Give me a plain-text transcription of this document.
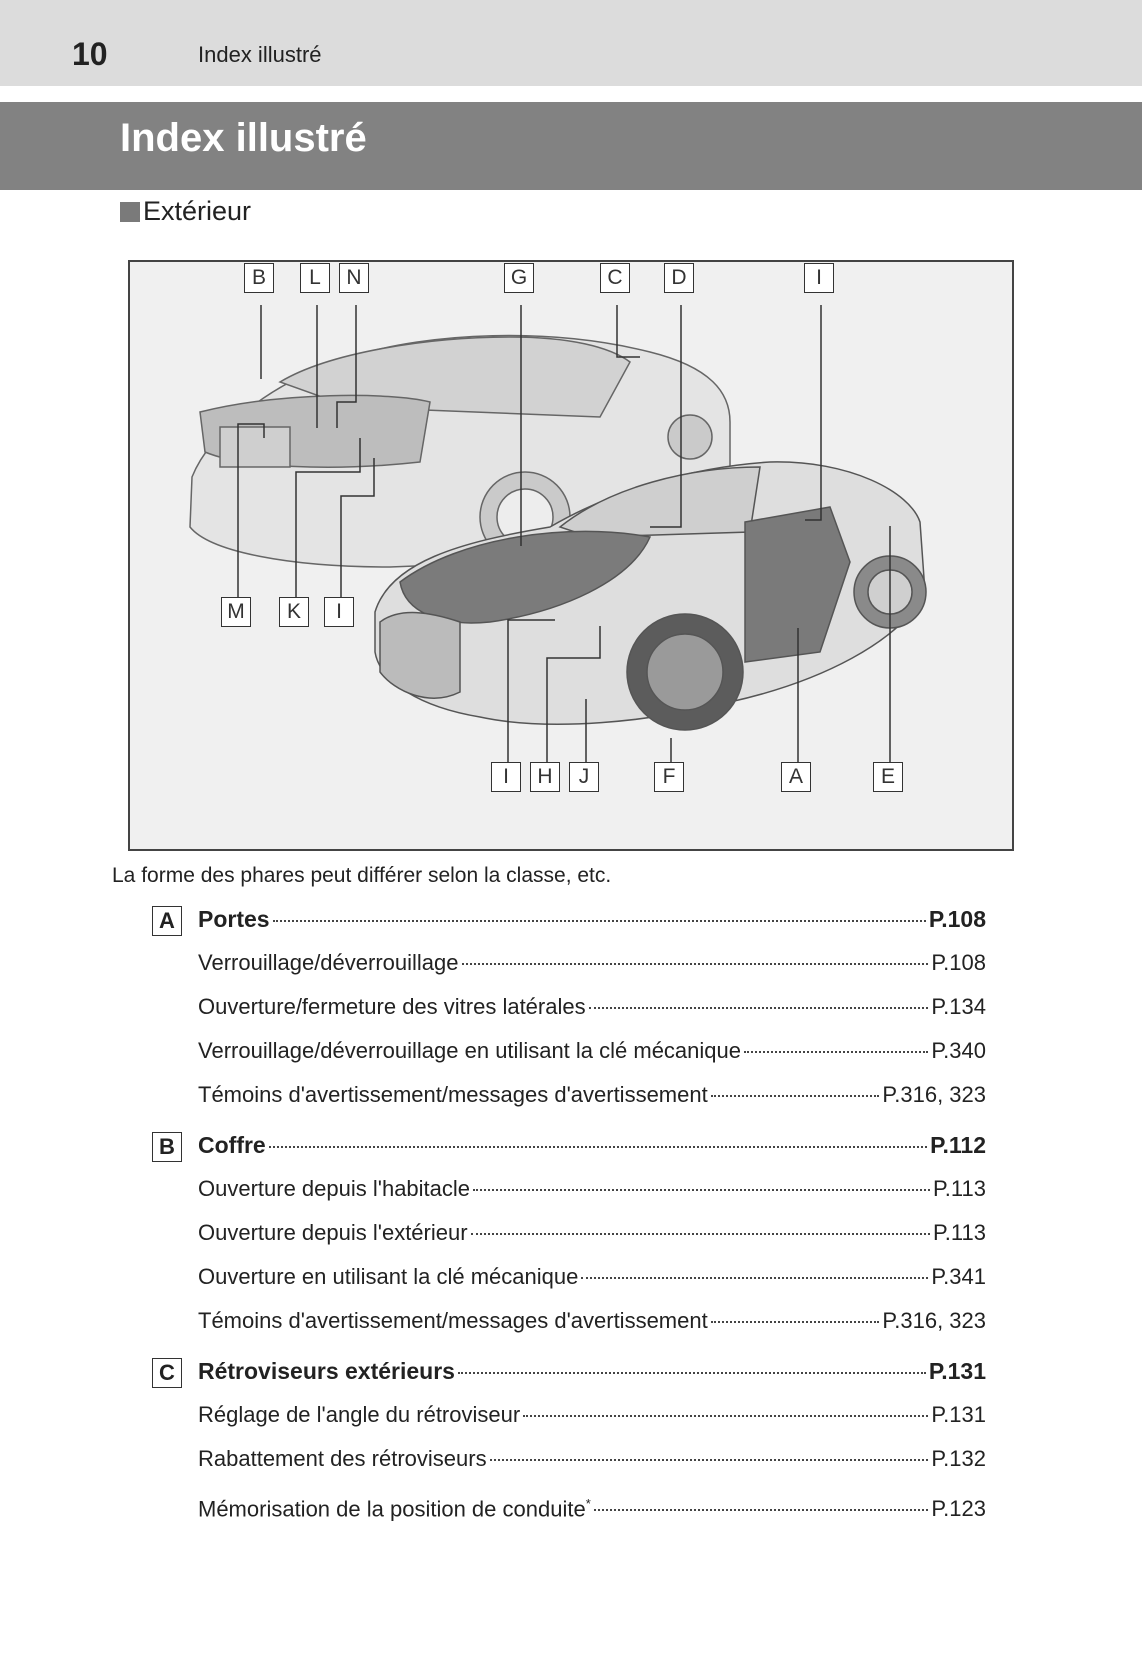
10	Index illustré
Index illustré
Extérieur
B	L	N	G	C	D	I
M	K	I
I	H	J	F	A	E
La forme des phares peut différer selon la classe, etc.
A	Portes	P.108
Verrouillage/déverrouillage	P.108
Ouverture/fermeture des vitres latérales	P.134
Verrouillage/déverrouillage en utilisant la clé mécanique	P.340
Témoins d'avertissement/messages d'avertissement	P.316, 323
B	Coffre	P.112
Ouverture depuis l'habitacle	P.113
Ouverture depuis l'extérieur	P.113
Ouverture en utilisant la clé mécanique	P.341
Témoins d'avertissement/messages d'avertissement	P.316, 323
C	Rétroviseurs extérieurs	P.131
Réglage de l'angle du rétroviseur	P.131
Rabattement des rétroviseurs	P.132
Mémorisation de la position de conduite*	P.123
